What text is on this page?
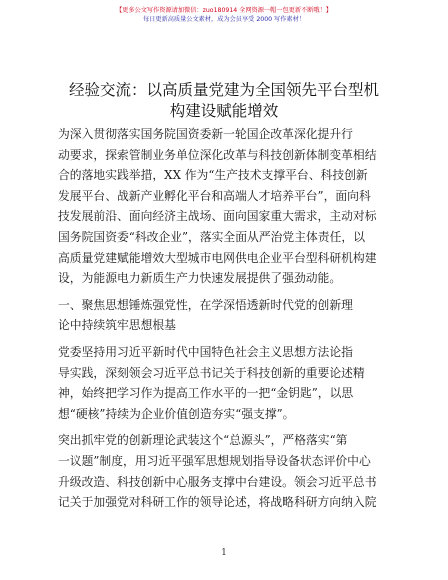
【更多公文写作资源请加微信：zuo180914 全网资源一帽一包更新不断哦！】
每日更新高质量公文素材，成为会员享受 2000 写作素材！
经验交流：以高质量党建为全国领先平台型机
构建设赋能增效

为深入贯彻落实国务院国资委新一轮国企改革深化提升行
动要求，探索管制业务单位深化改革与科技创新体制变革相结
合的落地实践举措，XX 作为“生产技术支撑平台、科技创新
发展平台、战新产业孵化平台和高端人才培养平台”，面向科
技发展前沿、面向经济主战场、面向国家重大需求，主动对标
国务院国资委“科改企业”，落实全面从严治党主体责任，以
高质量党建赋能增效大型城市电网供电企业平台型科研机构建
设，为能源电力新质生产力快速发展提供了强劲动能。

一、聚焦思想锤炼强党性，在学深悟透新时代党的创新理
论中持续筑牢思想根基

党委坚持用习近平新时代中国特色社会主义思想方法论指
导实践，深刻领会习近平总书记关于科技创新的重要论述精
神，始终把学习作为提高工作水平的一把“金钥匙”，以思
想“硬核”持续为企业价值创造夯实“强支撑”。

突出抓牢党的创新理论武装这个“总源头”，严格落实“第
一议题”制度，用习近平强军思想规划指导设备状态评价中心
升级改造、科技创新中心服务支撑中台建设。领会习近平总书
记关于加强党对科研工作的领导论述，将战略科研方向纳入院

1
